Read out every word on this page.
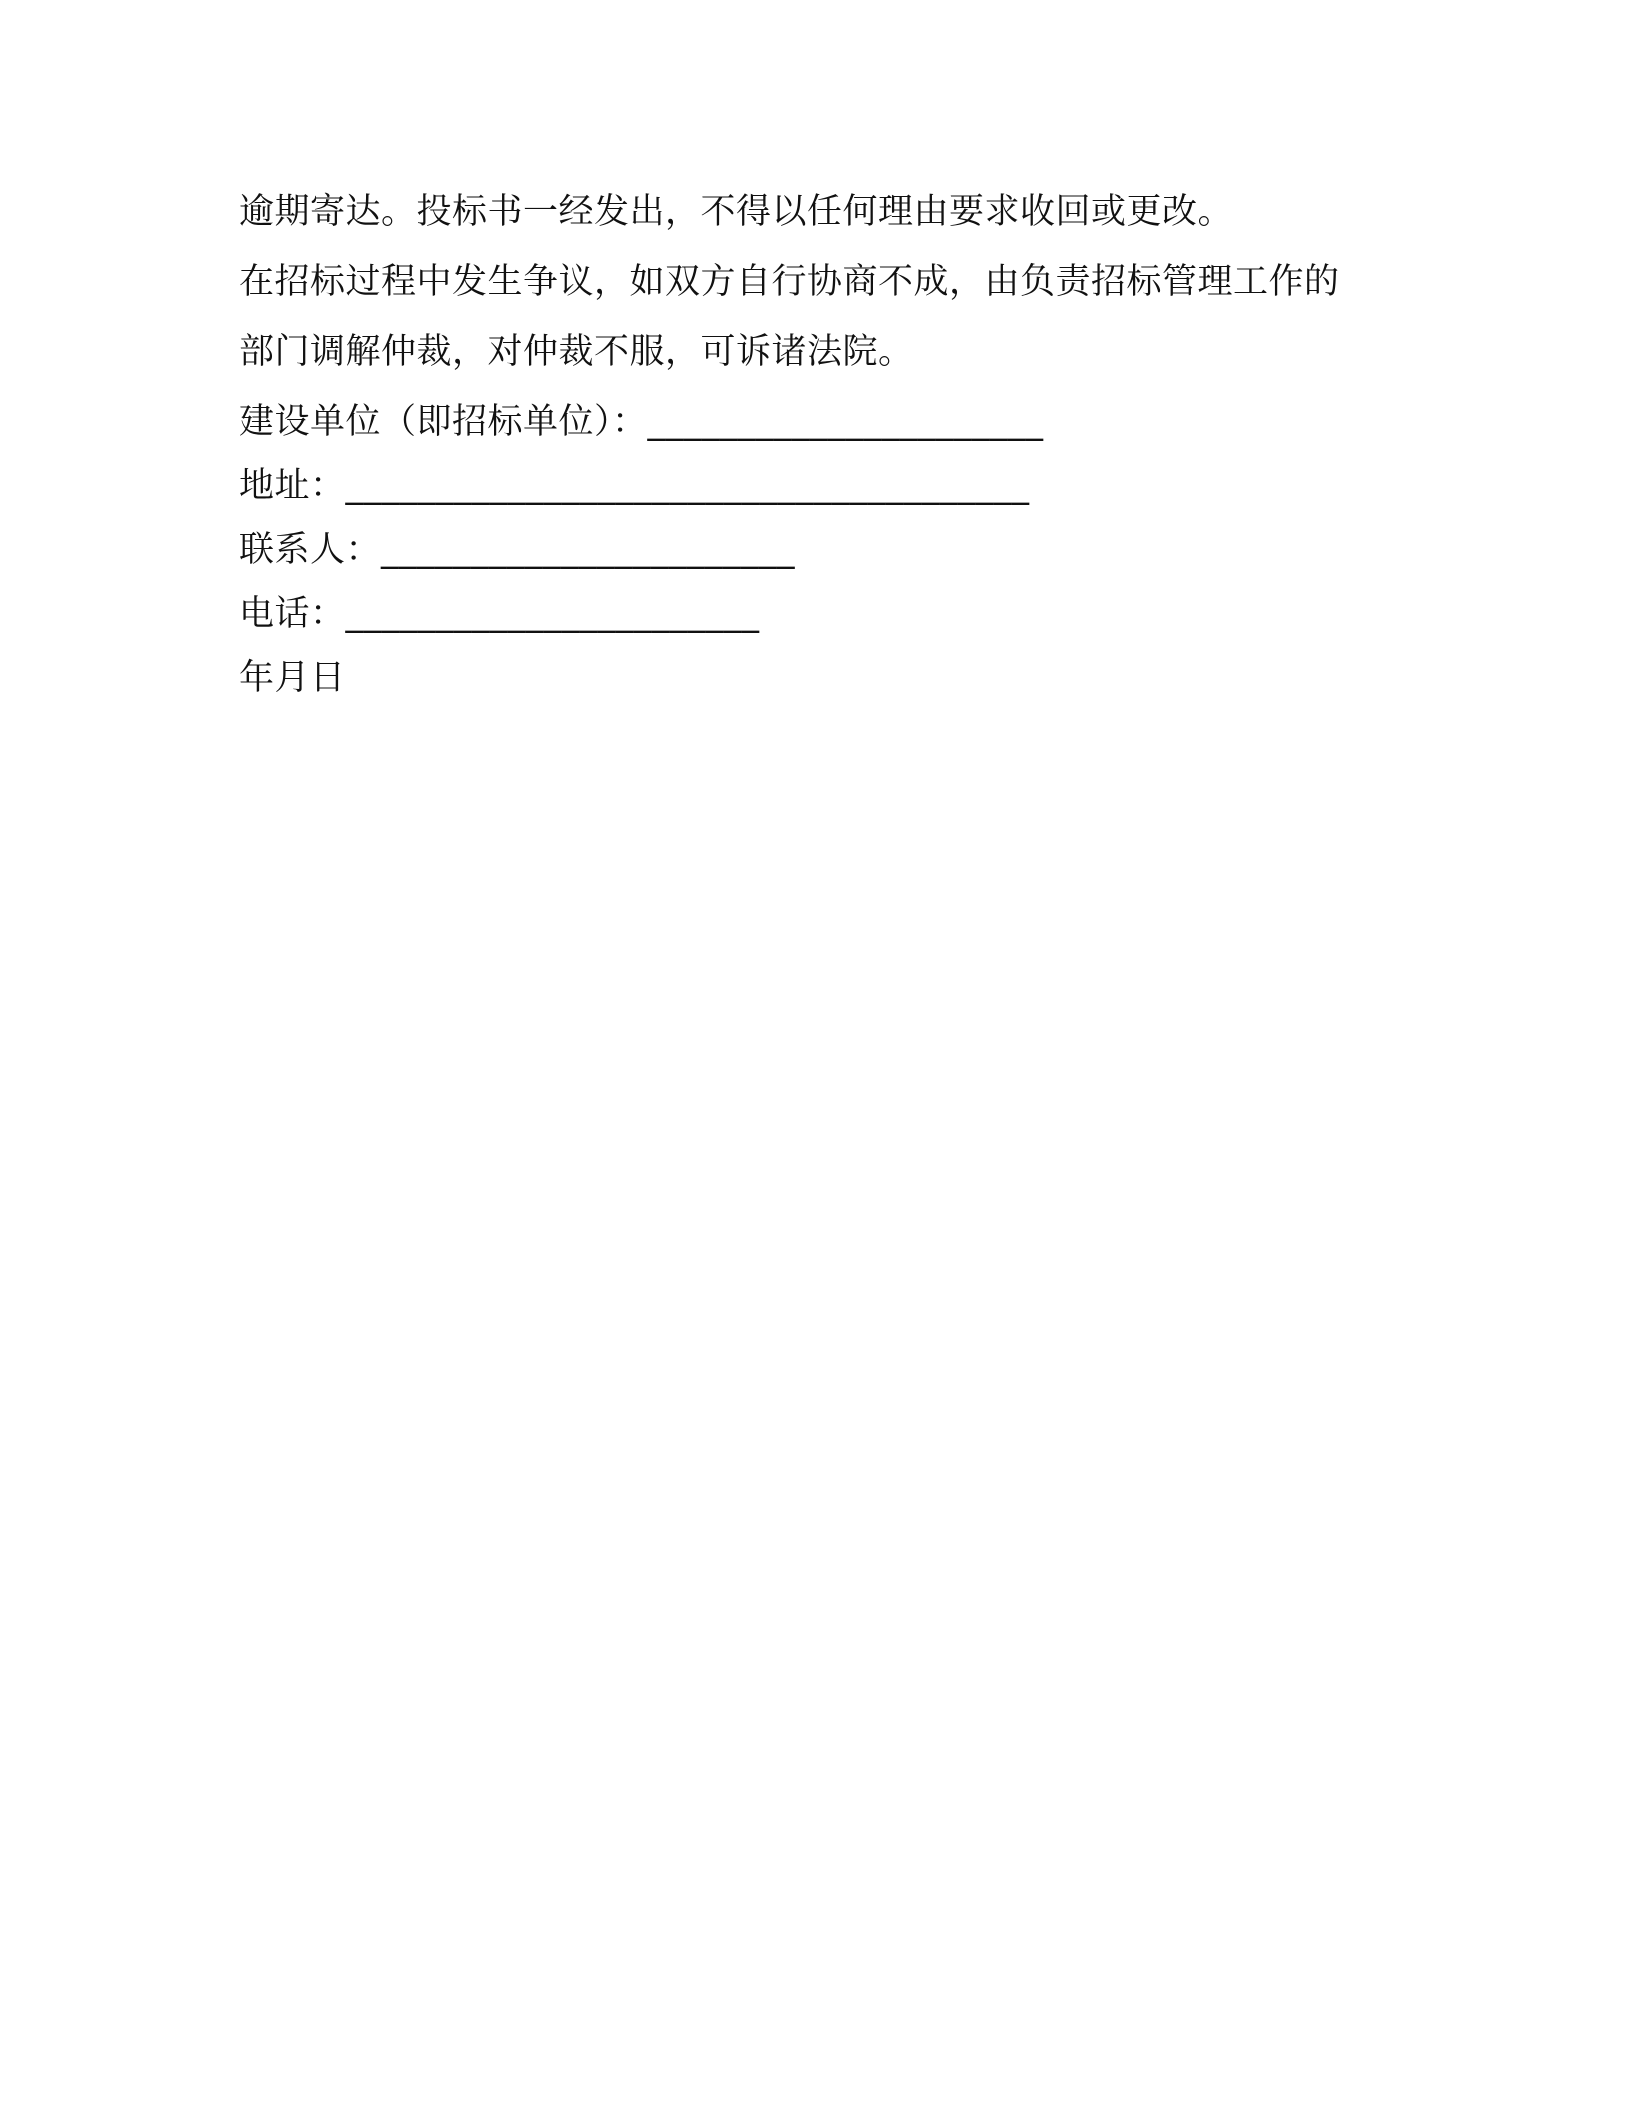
逾期寄达。投标书一经发出，不得以任何理由要求收回或更改。
在招标过程中发生争议，如双方自行协商不成，由负责招标管理工作的
部门调解仲裁，对仲裁不服，可诉诸法院。
建设单位（即招标单位）：______________________
地址：______________________________________
联系人：_______________________
电话：_______________________
年月日
